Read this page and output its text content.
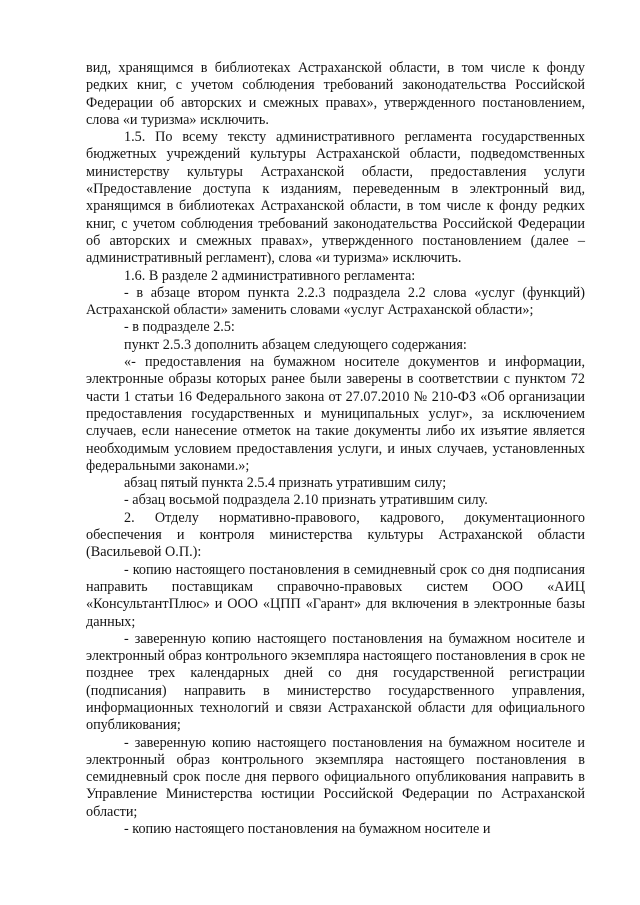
вид, хранящимся в библиотеках Астраханской области, в том числе к фонду редких книг, с учетом соблюдения требований законодательства Российской Федерации об авторских и смежных правах», утвержденного постановлением, слова «и туризма» исключить.

1.5. По всему тексту административного регламента государственных бюджетных учреждений культуры Астраханской области, подведомственных министерству культуры Астраханской области, предоставления услуги «Предоставление доступа к изданиям, переведенным в электронный вид, хранящимся в библиотеках Астраханской области, в том числе к фонду редких книг, с учетом соблюдения требований законодательства Российской Федерации об авторских и смежных правах», утвержденного постановлением (далее – административный регламент), слова «и туризма» исключить.

1.6. В разделе 2 административного регламента:

- в абзаце втором пункта 2.2.3 подраздела 2.2 слова «услуг (функций) Астраханской области» заменить словами «услуг Астраханской области»;

- в подразделе 2.5:

пункт 2.5.3 дополнить абзацем следующего содержания:

«- предоставления на бумажном носителе документов и информации, электронные образы которых ранее были заверены в соответствии с пунктом 72 части 1 статьи 16 Федерального закона от 27.07.2010 № 210-ФЗ «Об организации предоставления государственных и муниципальных услуг», за исключением случаев, если нанесение отметок на такие документы либо их изъятие является необходимым условием предоставления услуги, и иных случаев, установленных федеральными законами.»;

абзац пятый пункта 2.5.4 признать утратившим силу;

- абзац восьмой подраздела 2.10 признать утратившим силу.

2. Отделу нормативно-правового, кадрового, документационного обеспечения и контроля министерства культуры Астраханской области (Васильевой О.П.):

- копию настоящего постановления в семидневный срок со дня подписания направить поставщикам справочно-правовых систем ООО «АИЦ «КонсультантПлюс» и ООО «ЦПП «Гарант» для включения в электронные базы данных;

- заверенную копию настоящего постановления на бумажном носителе и электронный образ контрольного экземпляра настоящего постановления в срок не позднее трех календарных дней со дня государственной регистрации (подписания) направить в министерство государственного управления, информационных технологий и связи Астраханской области для официального опубликования;

- заверенную копию настоящего постановления на бумажном носителе и электронный образ контрольного экземпляра настоящего постановления в семидневный срок после дня первого официального опубликования направить в Управление Министерства юстиции Российской Федерации по Астраханской области;

- копию настоящего постановления на бумажном носителе и
